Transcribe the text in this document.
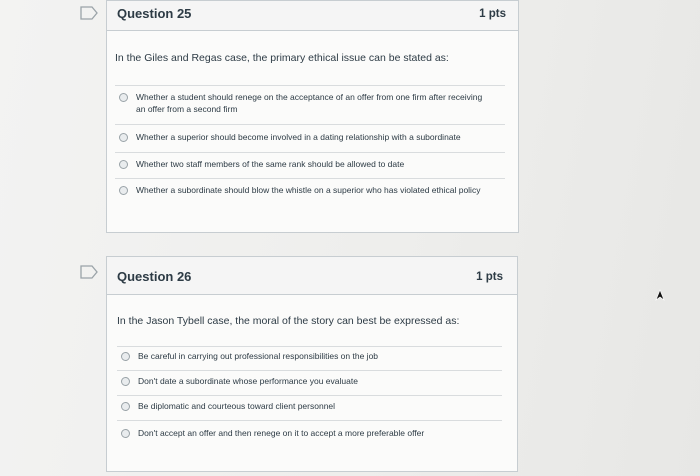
Question 25	1 pts
In the Giles and Regas case, the primary ethical issue can be stated as:
Whether a student should renege on the acceptance of an offer from one firm after receiving an offer from a second firm
Whether a superior should become involved in a dating relationship with a subordinate
Whether two staff members of the same rank should be allowed to date
Whether a subordinate should blow the whistle on a superior who has violated ethical policy
Question 26	1 pts
In the Jason Tybell case, the moral of the story can best be expressed as:
Be careful in carrying out professional responsibilities on the job
Don't date a subordinate whose performance you evaluate
Be diplomatic and courteous toward client personnel
Don't accept an offer and then renege on it to accept a more preferable offer
